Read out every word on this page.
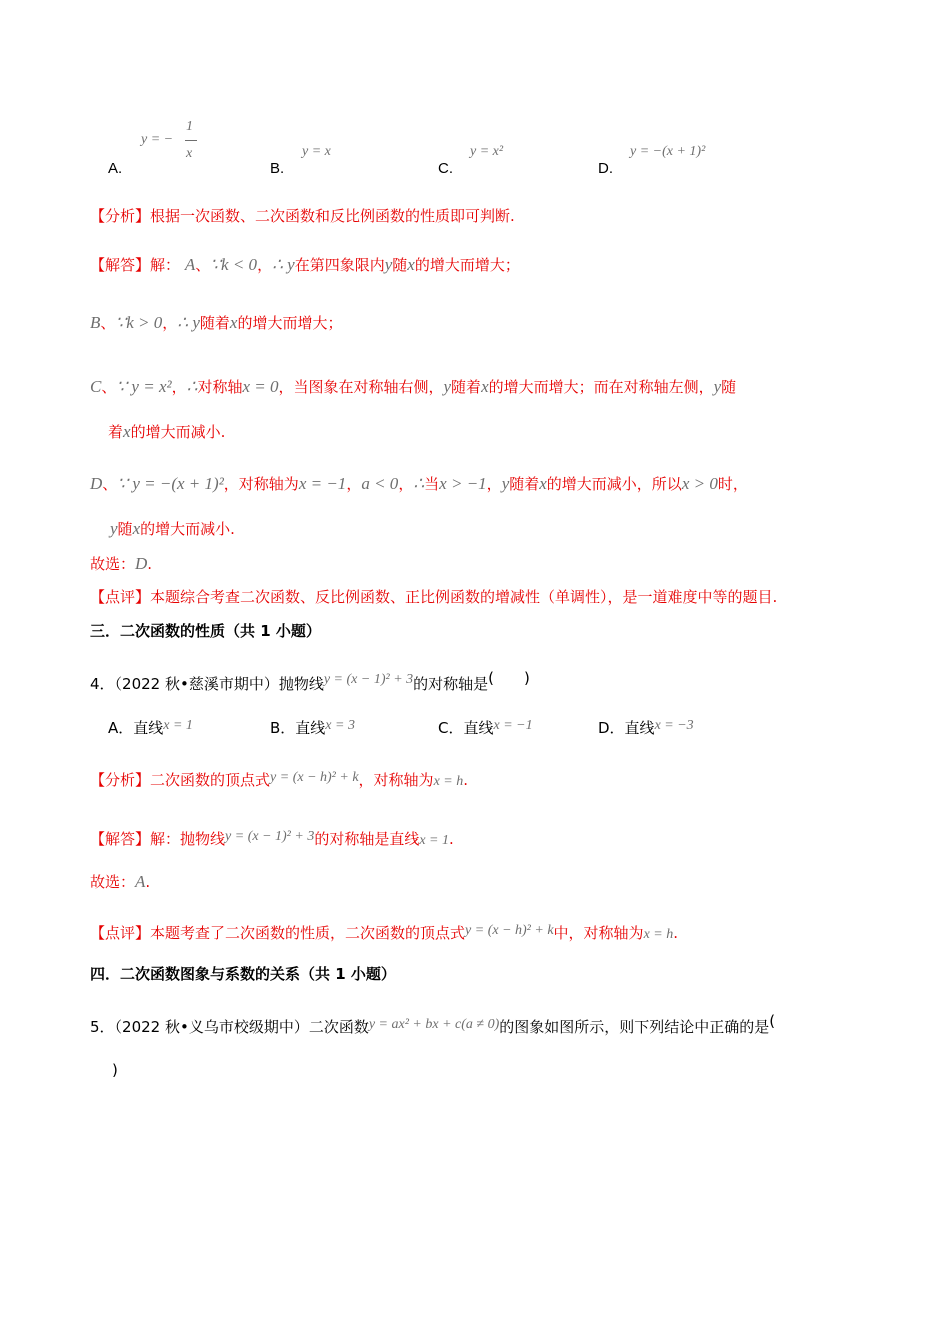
y = −
1
x
A.
y = x
B.
y = x²
C.
y = −(x + 1)²
D.
【分析】根据一次函数、二次函数和反比例函数的性质即可判断.
【解答】解： A、∵k < 0，∴ y在第四象限内y随x的增大而增大；
B、∵k > 0，∴ y随着x的增大而增大；
C、∵ y = x²，∴对称轴x = 0，当图象在对称轴右侧，y随着x的增大而增大；而在对称轴左侧，y随
着x的增大而减小.
D、∵ y = −(x + 1)²，对称轴为x = −1，a < 0，∴当x > −1，y随着x的增大而减小，所以x > 0时，
y随x的增大而减小.
故选：D.
【点评】本题综合考查二次函数、反比例函数、正比例函数的增减性（单调性），是一道难度中等的题目.
三．二次函数的性质（共 1 小题）
4．（2022 秋•慈溪市期中）抛物线y = (x − 1)² + 3的对称轴是(　　)
A．直线x = 1	B．直线x = 3	C．直线x = −1	D．直线x = −3
【分析】二次函数的顶点式y = (x − h)² + k，对称轴为x = h.
【解答】解：抛物线y = (x − 1)² + 3的对称轴是直线x = 1.
故选：A.
【点评】本题考查了二次函数的性质，二次函数的顶点式y = (x − h)² + k中，对称轴为x = h.
四．二次函数图象与系数的关系（共 1 小题）
5．（2022 秋•义乌市校级期中）二次函数y = ax² + bx + c(a ≠ 0)的图象如图所示，则下列结论中正确的是(
)
